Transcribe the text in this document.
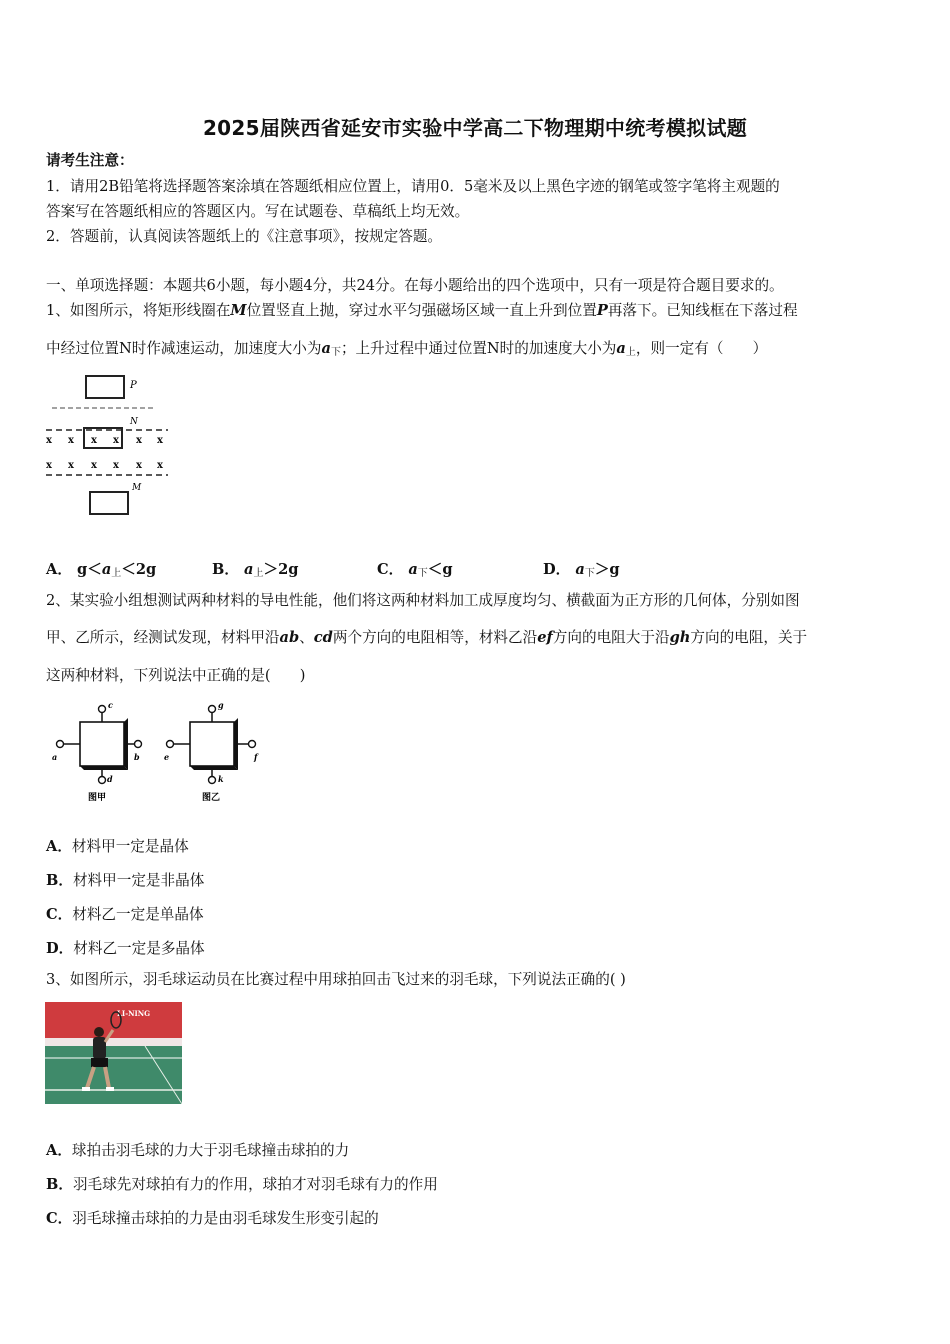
2025届陕西省延安市实验中学高二下物理期中统考模拟试题
请考生注意：
1．请用2B铅笔将选择题答案涂填在答题纸相应位置上，请用0．5毫米及以上黑色字迹的钢笔或签字笔将主观题的
答案写在答题纸相应的答题区内。写在试题卷、草稿纸上均无效。
2．答题前，认真阅读答题纸上的《注意事项》，按规定答题。
一、单项选择题：本题共6小题，每小题4分，共24分。在每小题给出的四个选项中，只有一项是符合题目要求的。
1、如图所示，将矩形线圈在M位置竖直上抛，穿过水平匀强磁场区域一直上升到位置P再落下。已知线框在下落过程
中经过位置N时作减速运动，加速度大小为$a_下$；上升过程中通过位置N时的加速度大小为$a_上$，则一定有（　　）
P
N
x x x x x x
x x x x x x
M
A． $g<a_上<2g$	B． $a_上>2g$	C． $a_下<g$	D． $a_下>g$
2、某实验小组想测试两种材料的导电性能，他们将这两种材料加工成厚度均匀、横截面为正方形的几何体，分别如图
甲、乙所示，经测试发现，材料甲沿ab、cd两个方向的电阻相等，材料乙沿ef方向的电阻大于沿gh方向的电阻，关于
这两种材料，下列说法中正确的是(　　)
c
d
a	b
图甲
g
k
e	f
图乙
A．材料甲一定是晶体
B．材料甲一定是非晶体
C．材料乙一定是单晶体
D．材料乙一定是多晶体
3、如图所示，羽毛球运动员在比赛过程中用球拍回击飞过来的羽毛球，下列说法正确的( )
LI-NING
A．球拍击羽毛球的力大于羽毛球撞击球拍的力
B．羽毛球先对球拍有力的作用，球拍才对羽毛球有力的作用
C．羽毛球撞击球拍的力是由羽毛球发生形变引起的
